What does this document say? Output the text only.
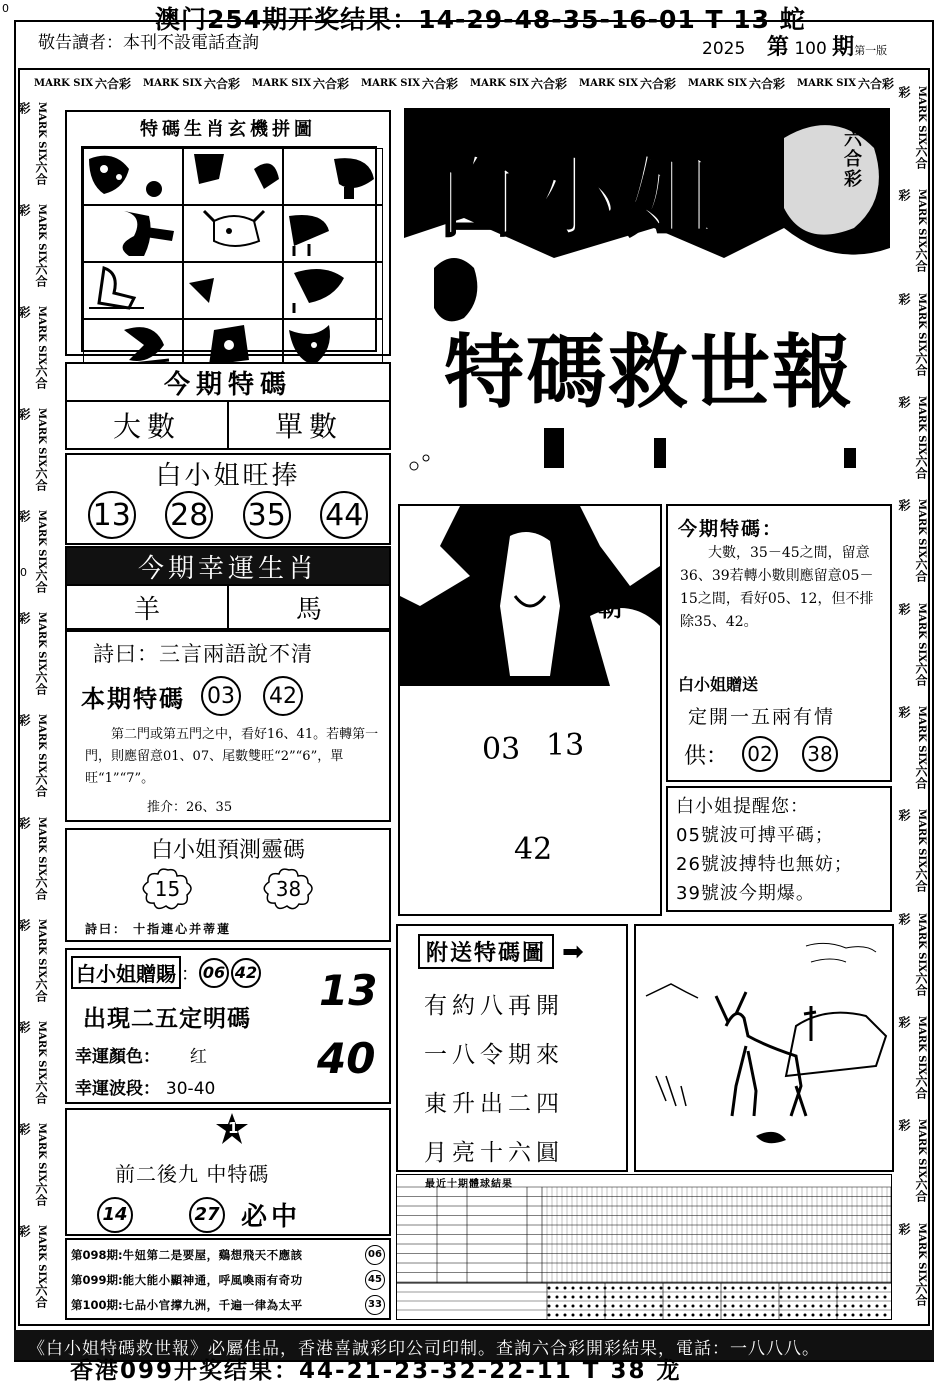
0
0
澳门254期开奖结果：14-29-48-35-16-01 T 13 蛇
敬告讀者：本刊不設電話查詢	2025 第 100 期第一版
MARK SIX 六合彩 MARK SIX 六合彩 MARK SIX 六合彩 MARK SIX 六合彩 MARK SIX 六合彩 MARK SIX 六合彩 MARK SIX 六合彩 MARK SIX 六合彩
MARK SIX六合彩
MARK SIX六合彩
MARK SIX六合彩
MARK SIX六合彩
MARK SIX六合彩
MARK SIX六合彩
MARK SIX六合彩
MARK SIX六合彩
MARK SIX六合彩
MARK SIX六合彩
MARK SIX六合彩
MARK SIX六合彩
MARK SIX六合彩
MARK SIX六合彩
MARK SIX六合彩
MARK SIX六合彩
MARK SIX六合彩
MARK SIX六合彩
MARK SIX六合彩
MARK SIX六合彩
MARK SIX六合彩
MARK SIX六合彩
MARK SIX六合彩
MARK SIX六合彩
特碼生肖玄機拼圖
今期特碼
大數	單數
白小姐旺捧
13 28 35 44
今期幸運生肖
羊	馬
詩曰：三言兩語說不清
本期特碼 03 42
第二門或第五門之中，看好16、41。若轉第一門，則應留意01、07、尾數雙旺“2”“6”，單旺“1”“7”。
推介：26、35
白小姐預測靈碼
15	38
詩曰： 十指連心并蒂蓮
白小姐贈賜 ： 06 42
出現二五定明碼
幸運顏色： 红
幸運波段： 30-40
13
40
1
前二後九 中特碼
14	27 必中
第098期 : 牛妞第二是要屋，鷄想飛天不應該	06
第099期 : 能大能小顯神通，呼風喚雨有奇功	45
第100期 : 七品小官撑九洲，千遍一律為太平	33
六合彩
白小姐
特碼救世報
朝
03 13
42
今期特碼：
大數，35－45之間，留意36、39若轉小數則應留意05－15之間，看好05、12，但不排除35、42。
白小姐贈送
定開一五兩有情
供： 02 38
白小姐提醒您：
05號波可搏平碼；
26號波搏特也無妨；
39號波今期爆。
附送特碼圖 ➡
有約八再開
一八令期來
東升出二四
月亮十六圓
最近十期體球結果
《白小姐特碼救世報》必屬佳品，香港喜誠彩印公司印制。查詢六合彩開彩結果，電話：一八八八。
香港099开奖结果：44-21-23-32-22-11 T 38 龙
